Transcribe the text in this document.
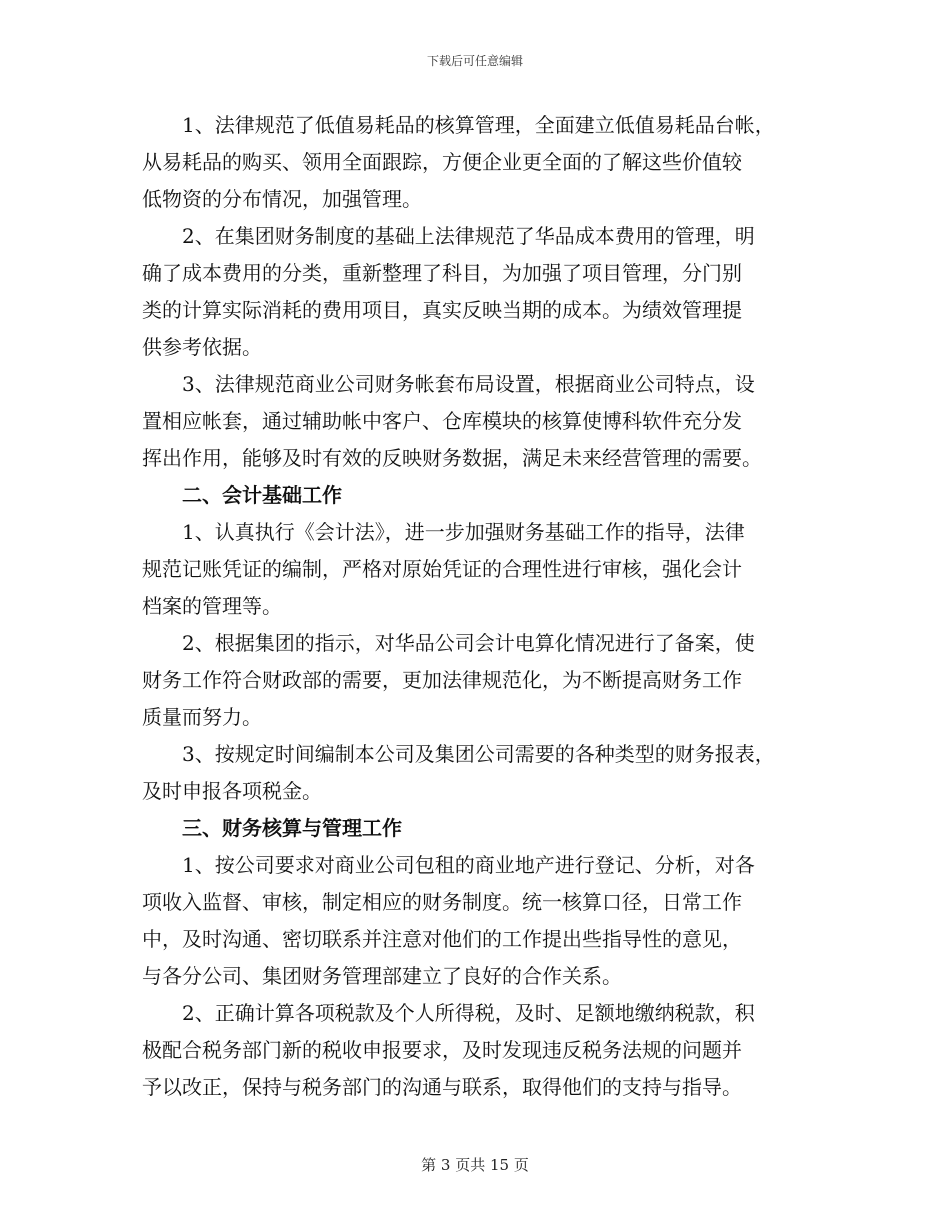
下载后可任意编辑
1、法律规范了低值易耗品的核算管理，全面建立低值易耗品台帐，
从易耗品的购买、领用全面跟踪，方便企业更全面的了解这些价值较
低物资的分布情况，加强管理。
2、在集团财务制度的基础上法律规范了华品成本费用的管理，明
确了成本费用的分类，重新整理了科目，为加强了项目管理，分门别
类的计算实际消耗的费用项目，真实反映当期的成本。为绩效管理提
供参考依据。
3、法律规范商业公司财务帐套布局设置，根据商业公司特点，设
置相应帐套，通过辅助帐中客户、仓库模块的核算使博科软件充分发
挥出作用，能够及时有效的反映财务数据，满足未来经营管理的需要。
二、会计基础工作
1、认真执行《会计法》，进一步加强财务基础工作的指导，法律
规范记账凭证的编制，严格对原始凭证的合理性进行审核，强化会计
档案的管理等。
2、根据集团的指示，对华品公司会计电算化情况进行了备案，使
财务工作符合财政部的需要，更加法律规范化，为不断提高财务工作
质量而努力。
3、按规定时间编制本公司及集团公司需要的各种类型的财务报表，
及时申报各项税金。
三、财务核算与管理工作
1、按公司要求对商业公司包租的商业地产进行登记、分析，对各
项收入监督、审核，制定相应的财务制度。统一核算口径，日常工作
中，及时沟通、密切联系并注意对他们的工作提出些指导性的意见，
与各分公司、集团财务管理部建立了良好的合作关系。
2、正确计算各项税款及个人所得税，及时、足额地缴纳税款，积
极配合税务部门新的税收申报要求，及时发现违反税务法规的问题并
予以改正，保持与税务部门的沟通与联系，取得他们的支持与指导。
第 3 页共 15 页
